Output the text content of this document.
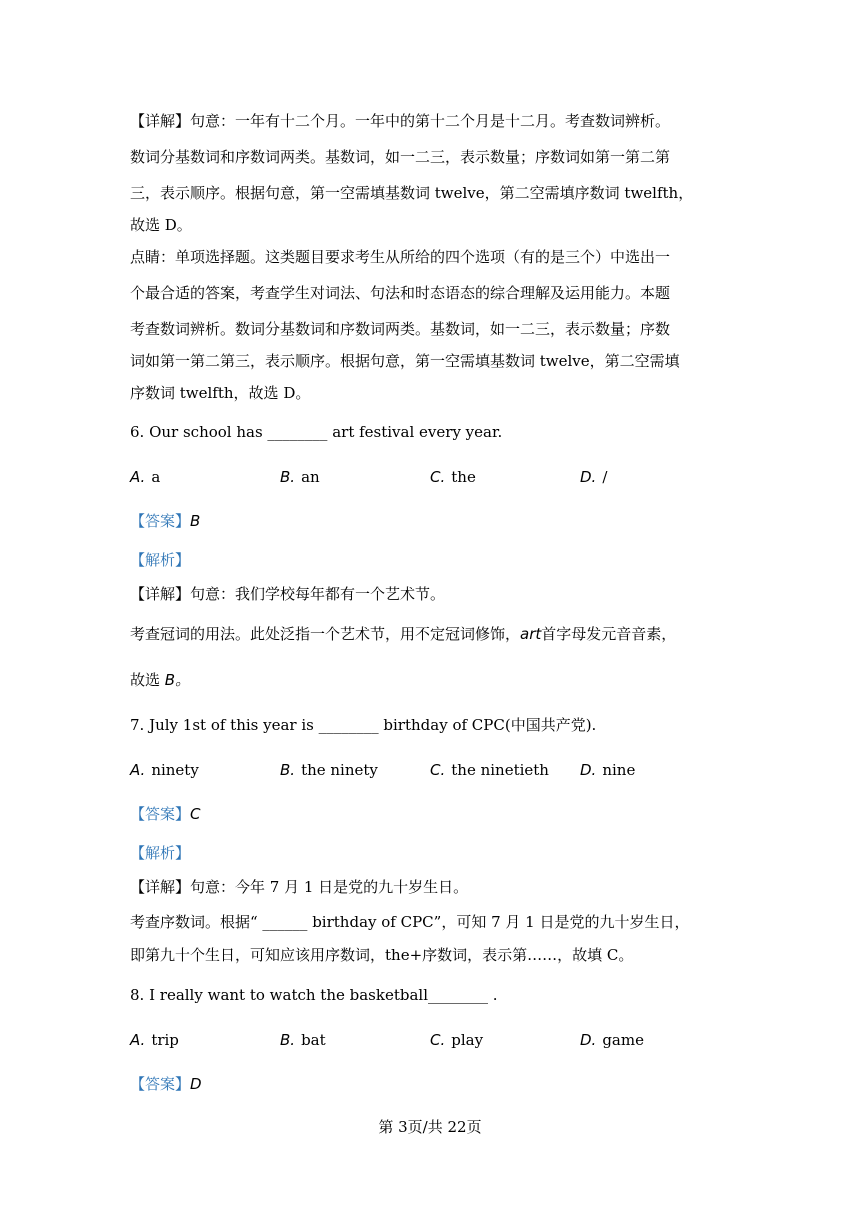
【详解】句意：一年有十二个月。一年中的第十二个月是十二月。考查数词辨析。

数词分基数词和序数词两类。基数词，如一二三，表示数量；序数词如第一第二第

三，表示顺序。根据句意，第一空需填基数词 twelve，第二空需填序数词 twelfth，

故选 D。

点睛：单项选择题。这类题目要求考生从所给的四个选项（有的是三个）中选出一

个最合适的答案，考查学生对词法、句法和时态语态的综合理解及运用能力。本题

考查数词辨析。数词分基数词和序数词两类。基数词，如一二三，表示数量；序数

词如第一第二第三，表示顺序。根据句意，第一空需填基数词 twelve，第二空需填

序数词 twelfth，故选 D。

6. Our school has ________ art festival every year.

A. a	B. an	C. the	D. /

【答案】B

【解析】

【详解】句意：我们学校每年都有一个艺术节。

考查冠词的用法。此处泛指一个艺术节，用不定冠词修饰，art首字母发元音音素，

故选 B。

7. July 1st of this year is ________ birthday of CPC(中国共产党).

A. ninety	B. the ninety	C. the ninetieth D. nine

【答案】C

【解析】

【详解】句意：今年 7 月 1 日是党的九十岁生日。

考查序数词。根据“ ______ birthday of CPC”，可知 7 月 1 日是党的九十岁生日，

即第九十个生日，可知应该用序数词，the+序数词，表示第……，故填 C。

8. I really want to watch the basketball________ .

A. trip	B. bat	C. play	D. game

【答案】D

第 3页/共 22页
